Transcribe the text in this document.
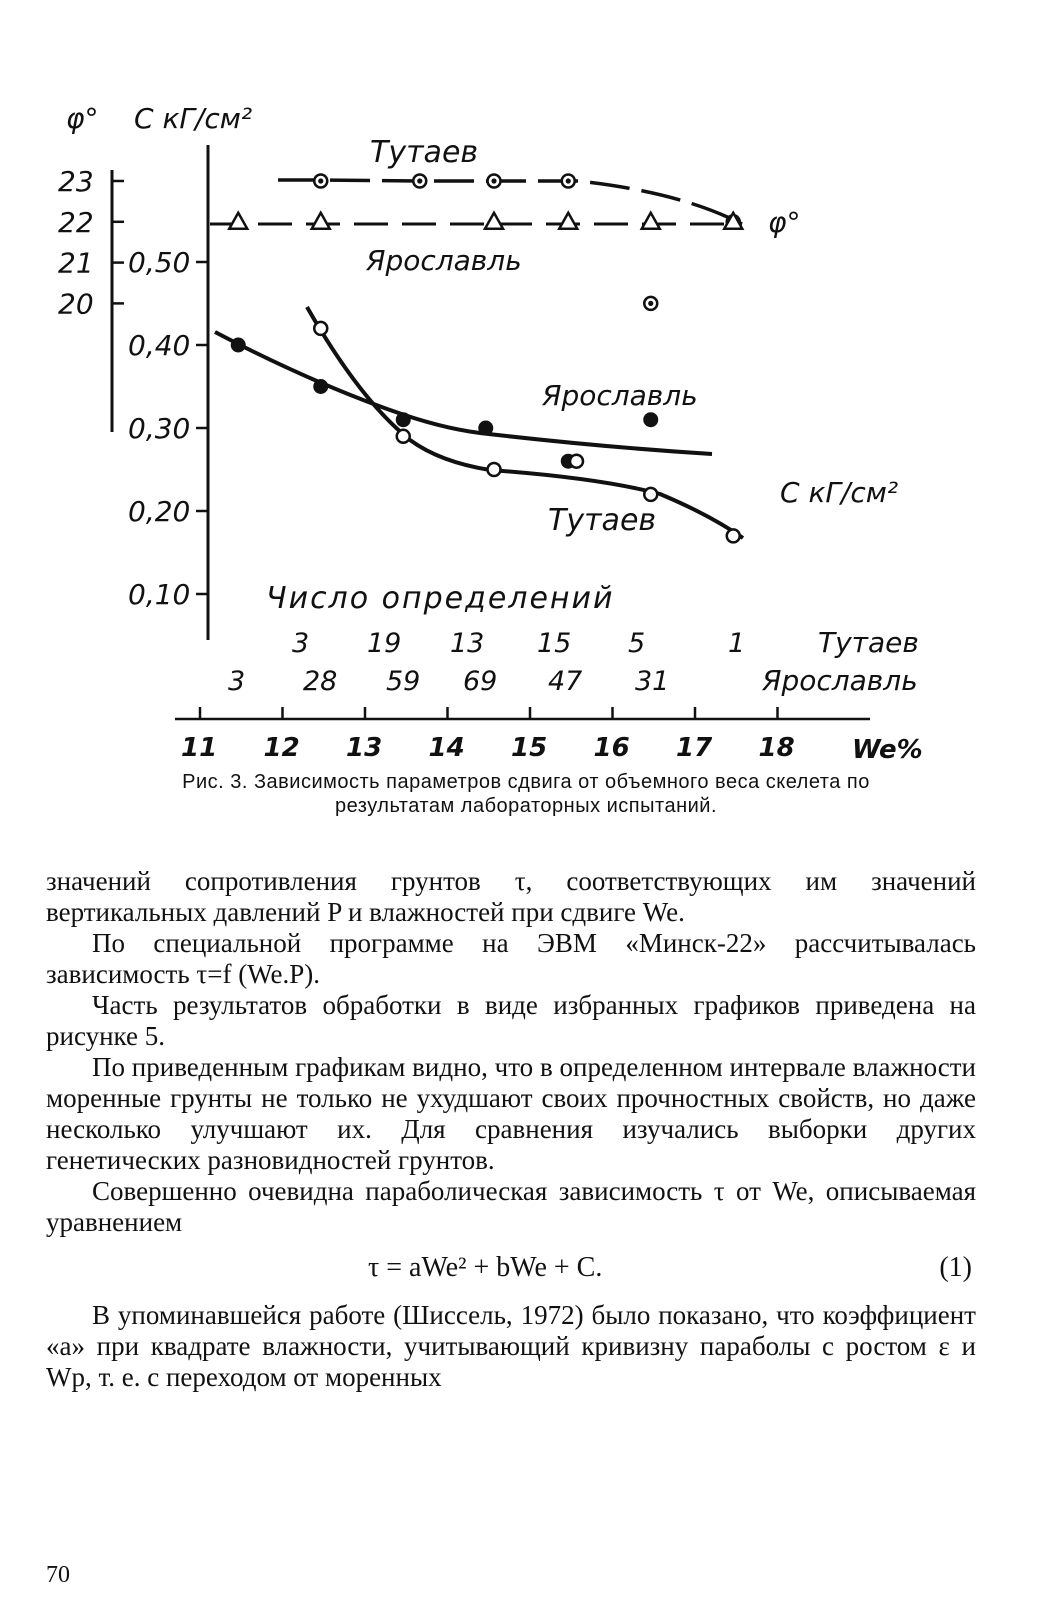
φ° С кГ/см²
23
22
21
20
0,50
0,40
0,30
0,20
0,10
11 12 13 14 15 16 17 18 We%
Тутаев
Ярославль
φ°
Ярославль
Тутаев
С кГ/см²
Число определений
3 19 13 15 5	1
3 28 59 69 47 31
Тутаев
Ярославль
Рис. 3. Зависимость параметров сдвига от объемного веса скелета по
результатам лабораторных испытаний.

значений сопротивления грунтов τ, соответствующих им значений вертикальных давлений P и влажностей при сдвиге We.

По специальной программе на ЭВМ «Минск-22» рассчитывалась зависимость τ=f (We.P).

Часть результатов обработки в виде избранных графиков приведена на рисунке 5.

По приведенным графикам видно, что в определенном интервале влажности моренные грунты не только не ухудшают своих прочностных свойств, но даже несколько улучшают их. Для сравнения изучались выборки других генетических разновидностей грунтов.

Совершенно очевидна параболическая зависимость τ от We, описываемая уравнением

τ = aWe² + bWe + C.	(1)

В упоминавшейся работе (Шиссель, 1972) было показано, что коэффициент «a» при квадрате влажности, учитывающий кривизну параболы с ростом ε и Wp, т. е. с переходом от моренных

70
